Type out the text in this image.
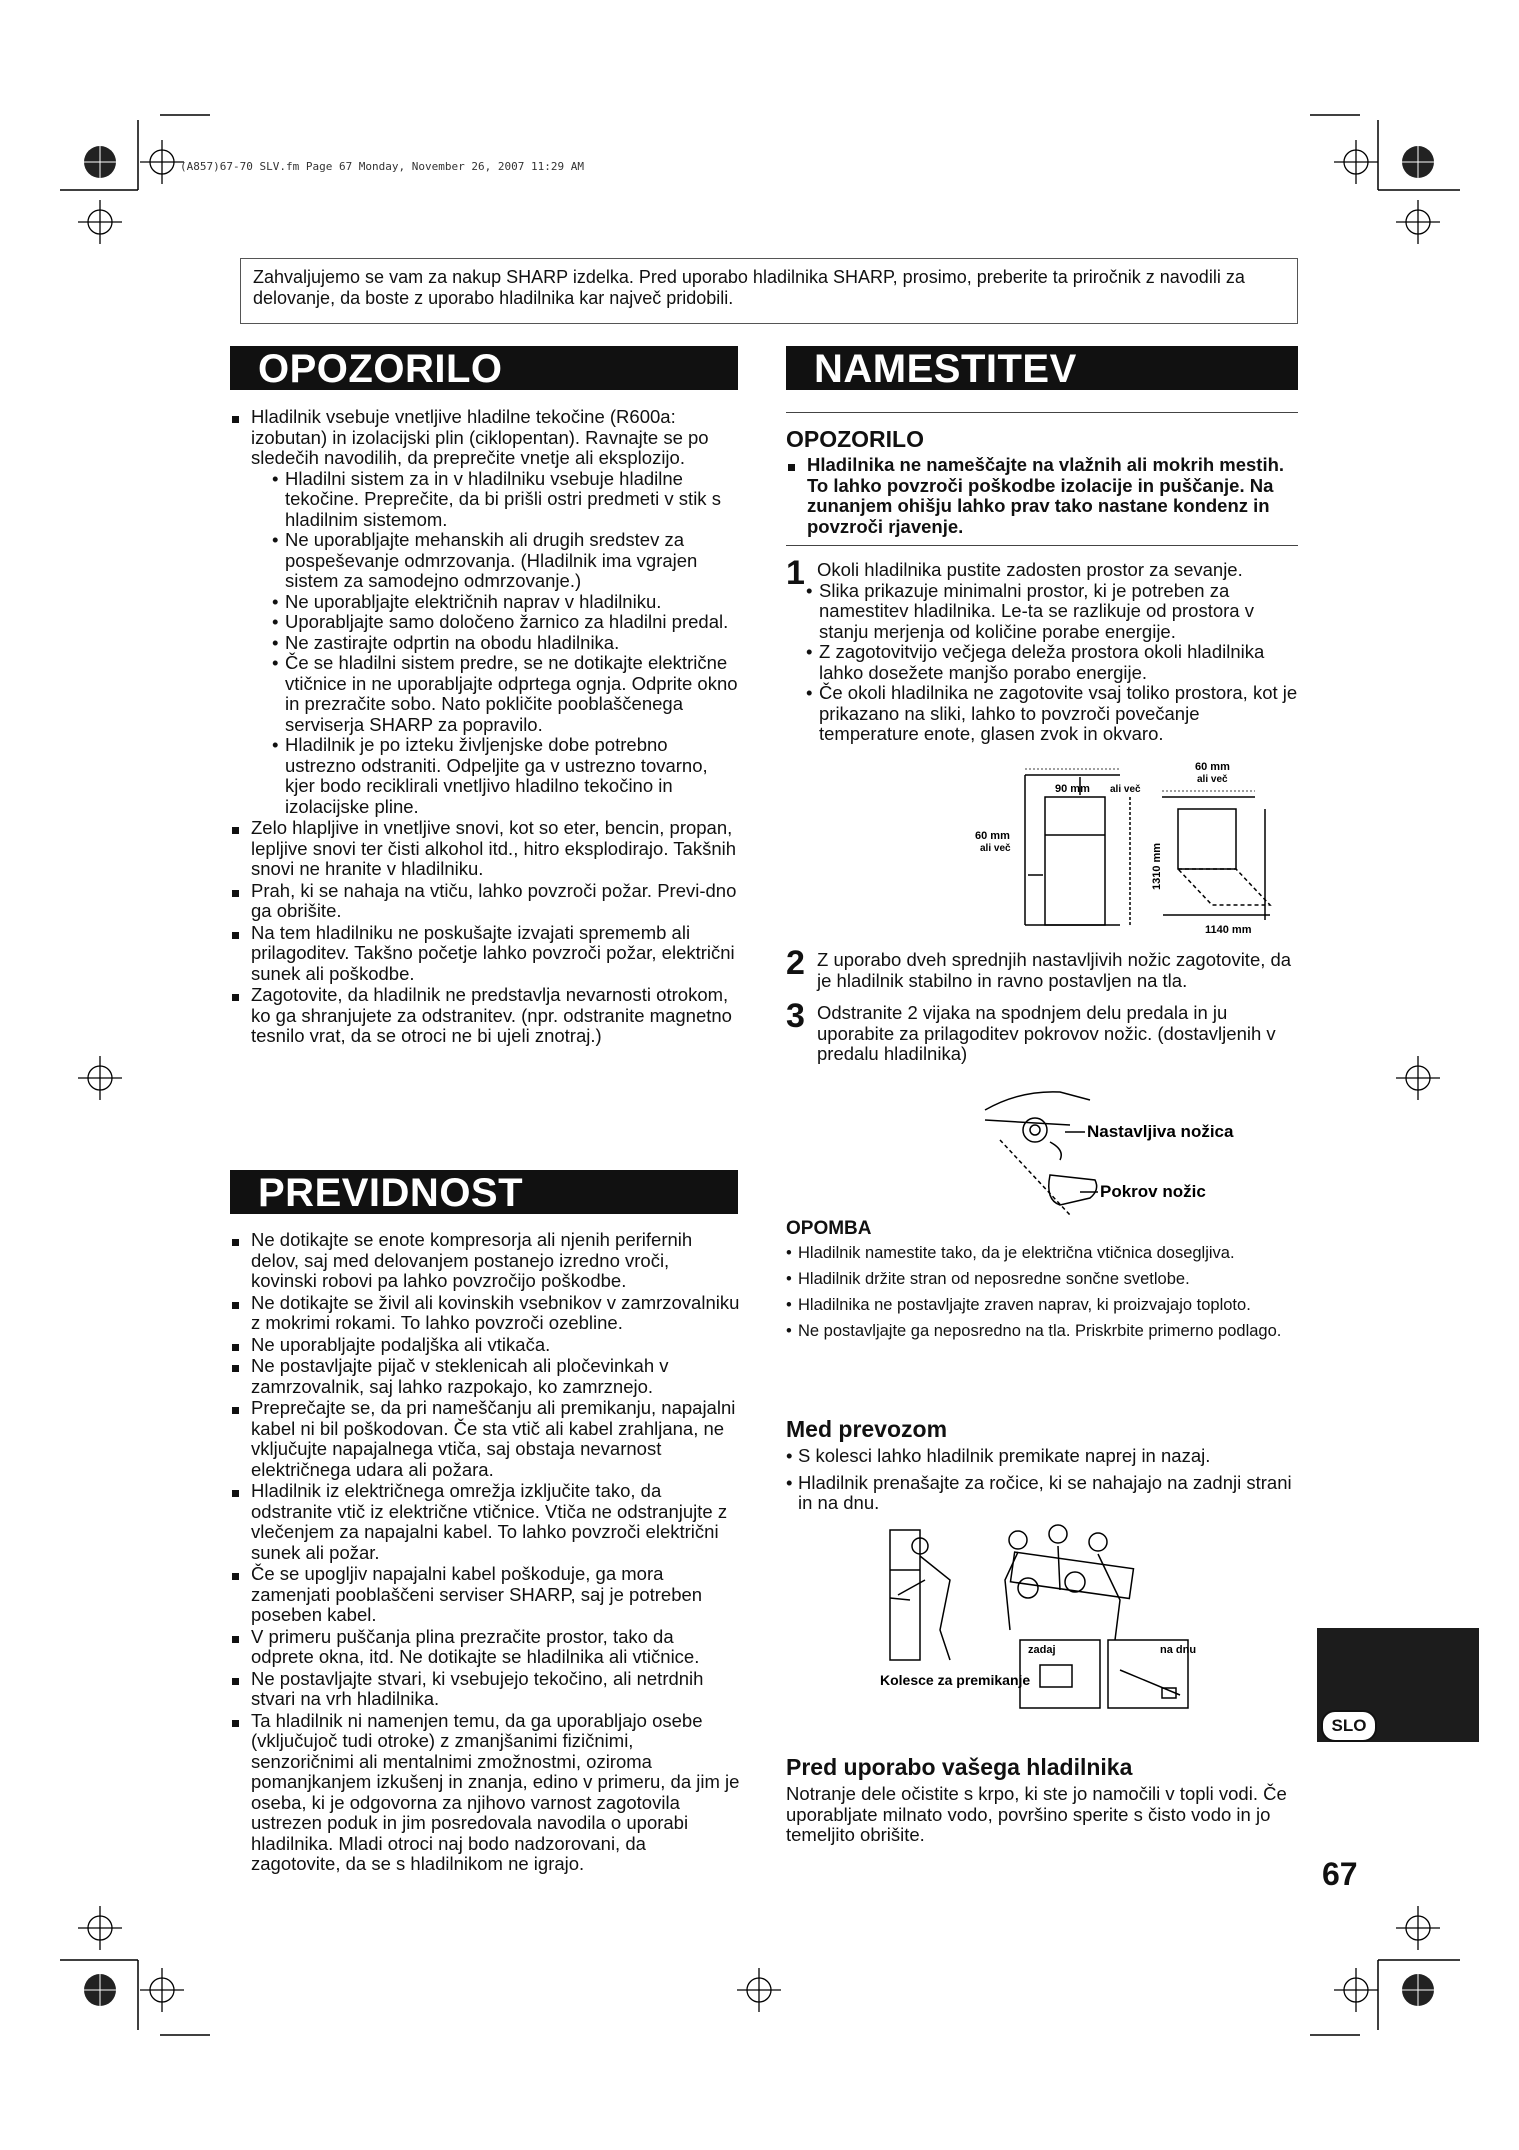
(A857)67-70 SLV.fm Page 67 Monday, November 26, 2007 11:29 AM
Zahvaljujemo se vam za nakup SHARP izdelka. Pred uporabo hladilnika SHARP, prosimo, preberite ta priročnik z navodili za delovanje, da boste z uporabo hladilnika kar največ pridobili.
OPOZORILO
Hladilnik vsebuje vnetljive hladilne tekočine (R600a: izobutan) in izolacijski plin (ciklopentan). Ravnajte se po sledečih navodilih, da preprečite vnetje ali eksplozijo.
• Hladilni sistem za in v hladilniku vsebuje hladilne tekočine. Preprečite, da bi prišli ostri predmeti v stik s hladilnim sistemom.
• Ne uporabljajte mehanskih ali drugih sredstev za pospeševanje odmrzovanja. (Hladilnik ima vgrajen sistem za samodejno odmrzovanje.)
• Ne uporabljajte električnih naprav v hladilniku.
• Uporabljajte samo določeno žarnico za hladilni predal.
• Ne zastirajte odprtin na obodu hladilnika.
• Če se hladilni sistem predre, se ne dotikajte električne vtičnice in ne uporabljajte odprtega ognja. Odprite okno in prezračite sobo. Nato pokličite pooblaščenega serviserja SHARP za popravilo.
• Hladilnik je po izteku življenjske dobe potrebno ustrezno odstraniti. Odpeljite ga v ustrezno tovarno, kjer bodo reciklirali vnetljivo hladilno tekočino in izolacijske pline.
Zelo hlapljive in vnetljive snovi, kot so eter, bencin, propan, lepljive snovi ter čisti alkohol itd., hitro eksplodirajo. Takšnih snovi ne hranite v hladilniku.
Prah, ki se nahaja na vtiču, lahko povzroči požar. Previ-dno ga obrišite.
Na tem hladilniku ne poskušajte izvajati sprememb ali prilagoditev. Takšno početje lahko povzroči požar, električni sunek ali poškodbe.
Zagotovite, da hladilnik ne predstavlja nevarnosti otrokom, ko ga shranjujete za odstranitev. (npr. odstranite magnetno tesnilo vrat, da se otroci ne bi ujeli znotraj.)
PREVIDNOST
Ne dotikajte se enote kompresorja ali njenih perifernih delov, saj med delovanjem postanejo izredno vroči, kovinski robovi pa lahko povzročijo poškodbe.
Ne dotikajte se živil ali kovinskih vsebnikov v zamrzovalniku z mokrimi rokami. To lahko povzroči ozebline.
Ne uporabljajte podaljška ali vtikača.
Ne postavljajte pijač v steklenicah ali pločevinkah v zamrzovalnik, saj lahko razpokajo, ko zamrznejo.
Preprečajte se, da pri nameščanju ali premikanju, napajalni kabel ni bil poškodovan. Če sta vtič ali kabel zrahljana, ne vključujte napajalnega vtiča, saj obstaja nevarnost električnega udara ali požara.
Hladilnik iz električnega omrežja izključite tako, da odstranite vtič iz električne vtičnice. Vtiča ne odstranjujte z vlečenjem za napajalni kabel. To lahko povzroči električni sunek ali požar.
Če se upogljiv napajalni kabel poškoduje, ga mora zamenjati pooblaščeni serviser SHARP, saj je potreben poseben kabel.
V primeru puščanja plina prezračite prostor, tako da odprete okna, itd. Ne dotikajte se hladilnika ali vtičnice.
Ne postavljajte stvari, ki vsebujejo tekočino, ali netrdnih stvari na vrh hladilnika.
Ta hladilnik ni namenjen temu, da ga uporabljajo osebe (vključujoč tudi otroke) z zmanjšanimi fizičnimi, senzoričnimi ali mentalnimi zmožnostmi, oziroma pomanjkanjem izkušenj in znanja, edino v primeru, da jim je oseba, ki je odgovorna za njihovo varnost zagotovila ustrezen poduk in jim posredovala navodila o uporabi hladilnika. Mladi otroci naj bodo nadzorovani, da zagotovite, da se s hladilnikom ne igrajo.
NAMESTITEV
OPOZORILO
Hladilnika ne nameščajte na vlažnih ali mokrih mestih. To lahko povzroči poškodbe izolacije in puščanje. Na zunanjem ohišju lahko prav tako nastane kondenz in povzroči rjavenje.
1 Okoli hladilnika pustite zadosten prostor za sevanje.
• Slika prikazuje minimalni prostor, ki je potreben za namestitev hladilnika. Le-ta se razlikuje od prostora v stanju merjenja od količine porabe energije.
• Z zagotovitvijo večjega deleža prostora okoli hladilnika lahko dosežete manjšo porabo energije.
• Če okoli hladilnika ne zagotovite vsaj toliko prostora, kot je prikazano na sliki, lahko to povzroči povečanje temperature enote, glasen zvok in okvaro.
90 mm ali več
60 mm
ali več
60 mm
ali več
1310 mm
1140 mm
2 Z uporabo dveh sprednjih nastavljivih nožic zagotovite, da je hladilnik stabilno in ravno postavljen na tla.
3 Odstranite 2 vijaka na spodnjem delu predala in ju uporabite za prilagoditev pokrovov nožic. (dostavljenih v predalu hladilnika)
Nastavljiva nožica
Pokrov nožic
OPOMBA
• Hladilnik namestite tako, da je električna vtičnica dosegljiva.
• Hladilnik držite stran od neposredne sončne svetlobe.
• Hladilnika ne postavljajte zraven naprav, ki proizvajajo toploto.
• Ne postavljajte ga neposredno na tla. Priskrbite primerno podlago.
Med prevozom
• S kolesci lahko hladilnik premikate naprej in nazaj.
• Hladilnik prenašajte za ročice, ki se nahajajo na zadnji strani in na dnu.
zadaj	na dnu
Kolesce za premikanje
Pred uporabo vašega hladilnika
Notranje dele očistite s krpo, ki ste jo namočili v topli vodi. Če uporabljate milnato vodo, površino sperite s čisto vodo in jo temeljito obrišite.
SLO
67
